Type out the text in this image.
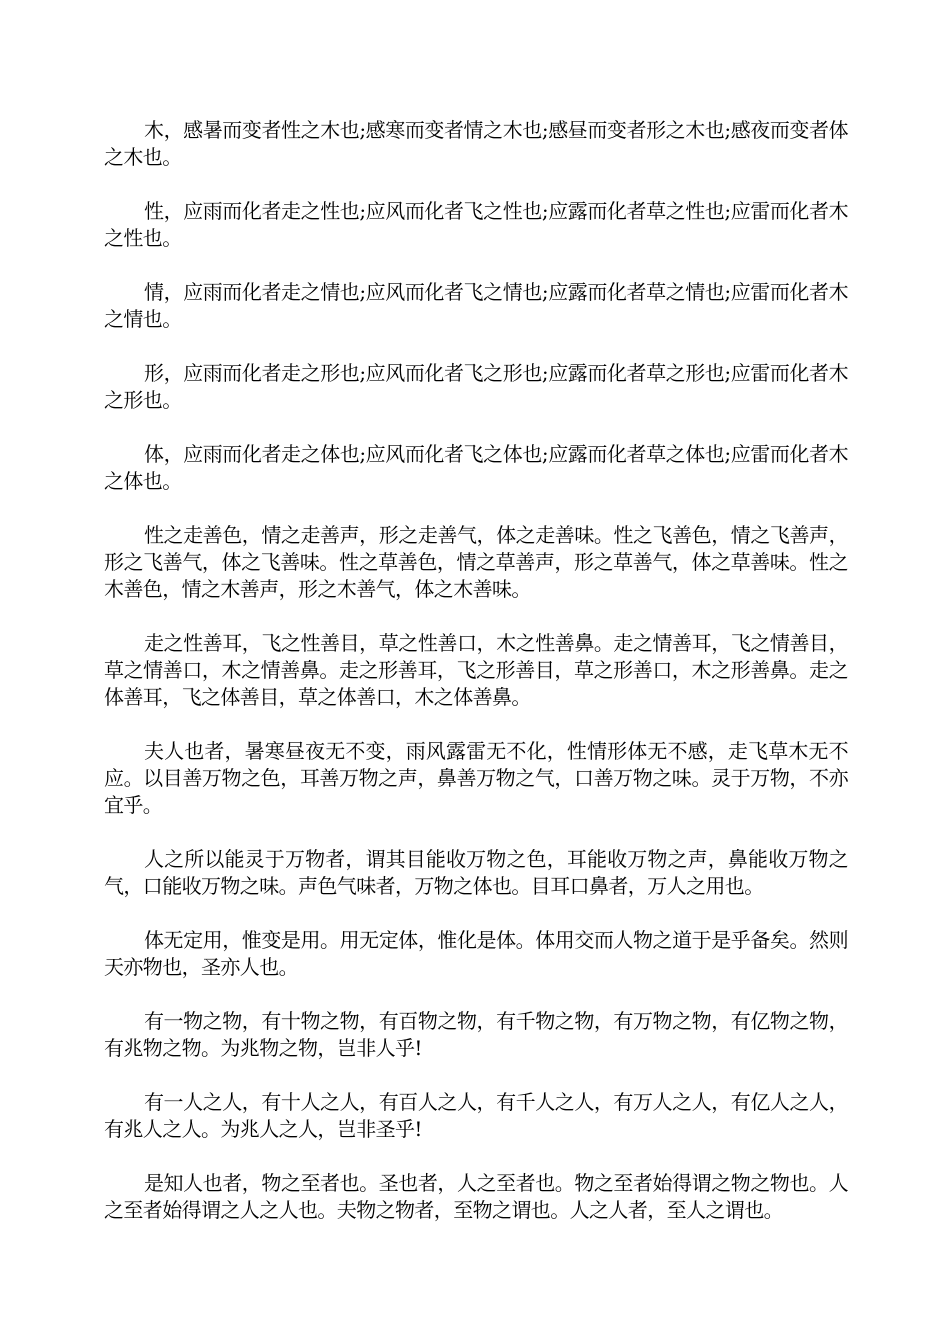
木，感暑而变者性之木也;感寒而变者情之木也;感昼而变者形之木也;感夜而变者体之木也。

性，应雨而化者走之性也;应风而化者飞之性也;应露而化者草之性也;应雷而化者木之性也。

情，应雨而化者走之情也;应风而化者飞之情也;应露而化者草之情也;应雷而化者木之情也。

形，应雨而化者走之形也;应风而化者飞之形也;应露而化者草之形也;应雷而化者木之形也。

体，应雨而化者走之体也;应风而化者飞之体也;应露而化者草之体也;应雷而化者木之体也。

性之走善色，情之走善声，形之走善气，体之走善味。性之飞善色，情之飞善声，形之飞善气，体之飞善味。性之草善色，情之草善声，形之草善气，体之草善味。性之木善色，情之木善声，形之木善气，体之木善味。

走之性善耳，飞之性善目，草之性善口，木之性善鼻。走之情善耳，飞之情善目，草之情善口，木之情善鼻。走之形善耳，飞之形善目，草之形善口，木之形善鼻。走之体善耳，飞之体善目，草之体善口，木之体善鼻。

夫人也者，暑寒昼夜无不变，雨风露雷无不化，性情形体无不感，走飞草木无不应。以目善万物之色，耳善万物之声，鼻善万物之气，口善万物之味。灵于万物，不亦宜乎。

人之所以能灵于万物者，谓其目能收万物之色，耳能收万物之声，鼻能收万物之气，口能收万物之味。声色气味者，万物之体也。目耳口鼻者，万人之用也。

体无定用，惟变是用。用无定体，惟化是体。体用交而人物之道于是乎备矣。然则天亦物也，圣亦人也。

有一物之物，有十物之物，有百物之物，有千物之物，有万物之物，有亿物之物，有兆物之物。为兆物之物，岂非人乎!

有一人之人，有十人之人，有百人之人，有千人之人，有万人之人，有亿人之人，有兆人之人。为兆人之人，岂非圣乎!

是知人也者，物之至者也。圣也者，人之至者也。物之至者始得谓之物之物也。人之至者始得谓之人之人也。夫物之物者，至物之谓也。人之人者，至人之谓也。
